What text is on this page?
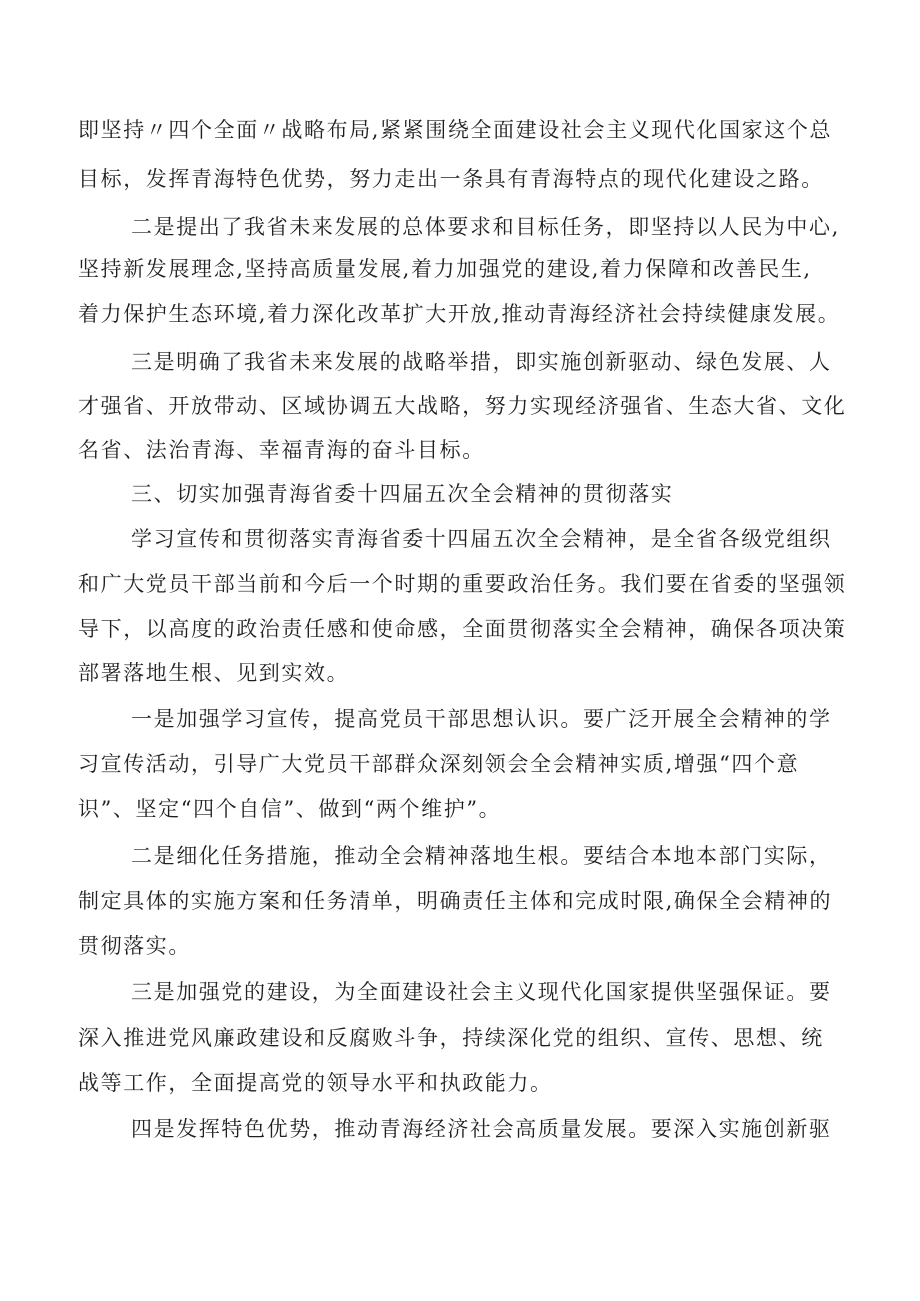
即坚持〃四个全面〃战略布局,紧紧围绕全面建设社会主义现代化国家这个总

目标，发挥青海特色优势，努力走出一条具有青海特点的现代化建设之路。

二是提出了我省未来发展的总体要求和目标任务，即坚持以人民为中心,

坚持新发展理念,坚持高质量发展,着力加强党的建设,着力保障和改善民生,

着力保护生态环境,着力深化改革扩大开放,推动青海经济社会持续健康发展。

三是明确了我省未来发展的战略举措，即实施创新驱动、绿色发展、人

才强省、开放带动、区域协调五大战略，努力实现经济强省、生态大省、文化

名省、法治青海、幸福青海的奋斗目标。

三、切实加强青海省委十四届五次全会精神的贯彻落实

学习宣传和贯彻落实青海省委十四届五次全会精神，是全省各级党组织

和广大党员干部当前和今后一个时期的重要政治任务。我们要在省委的坚强领

导下，以高度的政治责任感和使命感，全面贯彻落实全会精神，确保各项决策

部署落地生根、见到实效。

一是加强学习宣传，提高党员干部思想认识。要广泛开展全会精神的学

习宣传活动，引导广大党员干部群众深刻领会全会精神实质,增强“四个意

识”、坚定“四个自信”、做到“两个维护”。

二是细化任务措施，推动全会精神落地生根。要结合本地本部门实际，

制定具体的实施方案和任务清单，明确责任主体和完成时限,确保全会精神的

贯彻落实。

三是加强党的建设，为全面建设社会主义现代化国家提供坚强保证。要

深入推进党风廉政建设和反腐败斗争，持续深化党的组织、宣传、思想、统

战等工作，全面提高党的领导水平和执政能力。

四是发挥特色优势，推动青海经济社会高质量发展。要深入实施创新驱
